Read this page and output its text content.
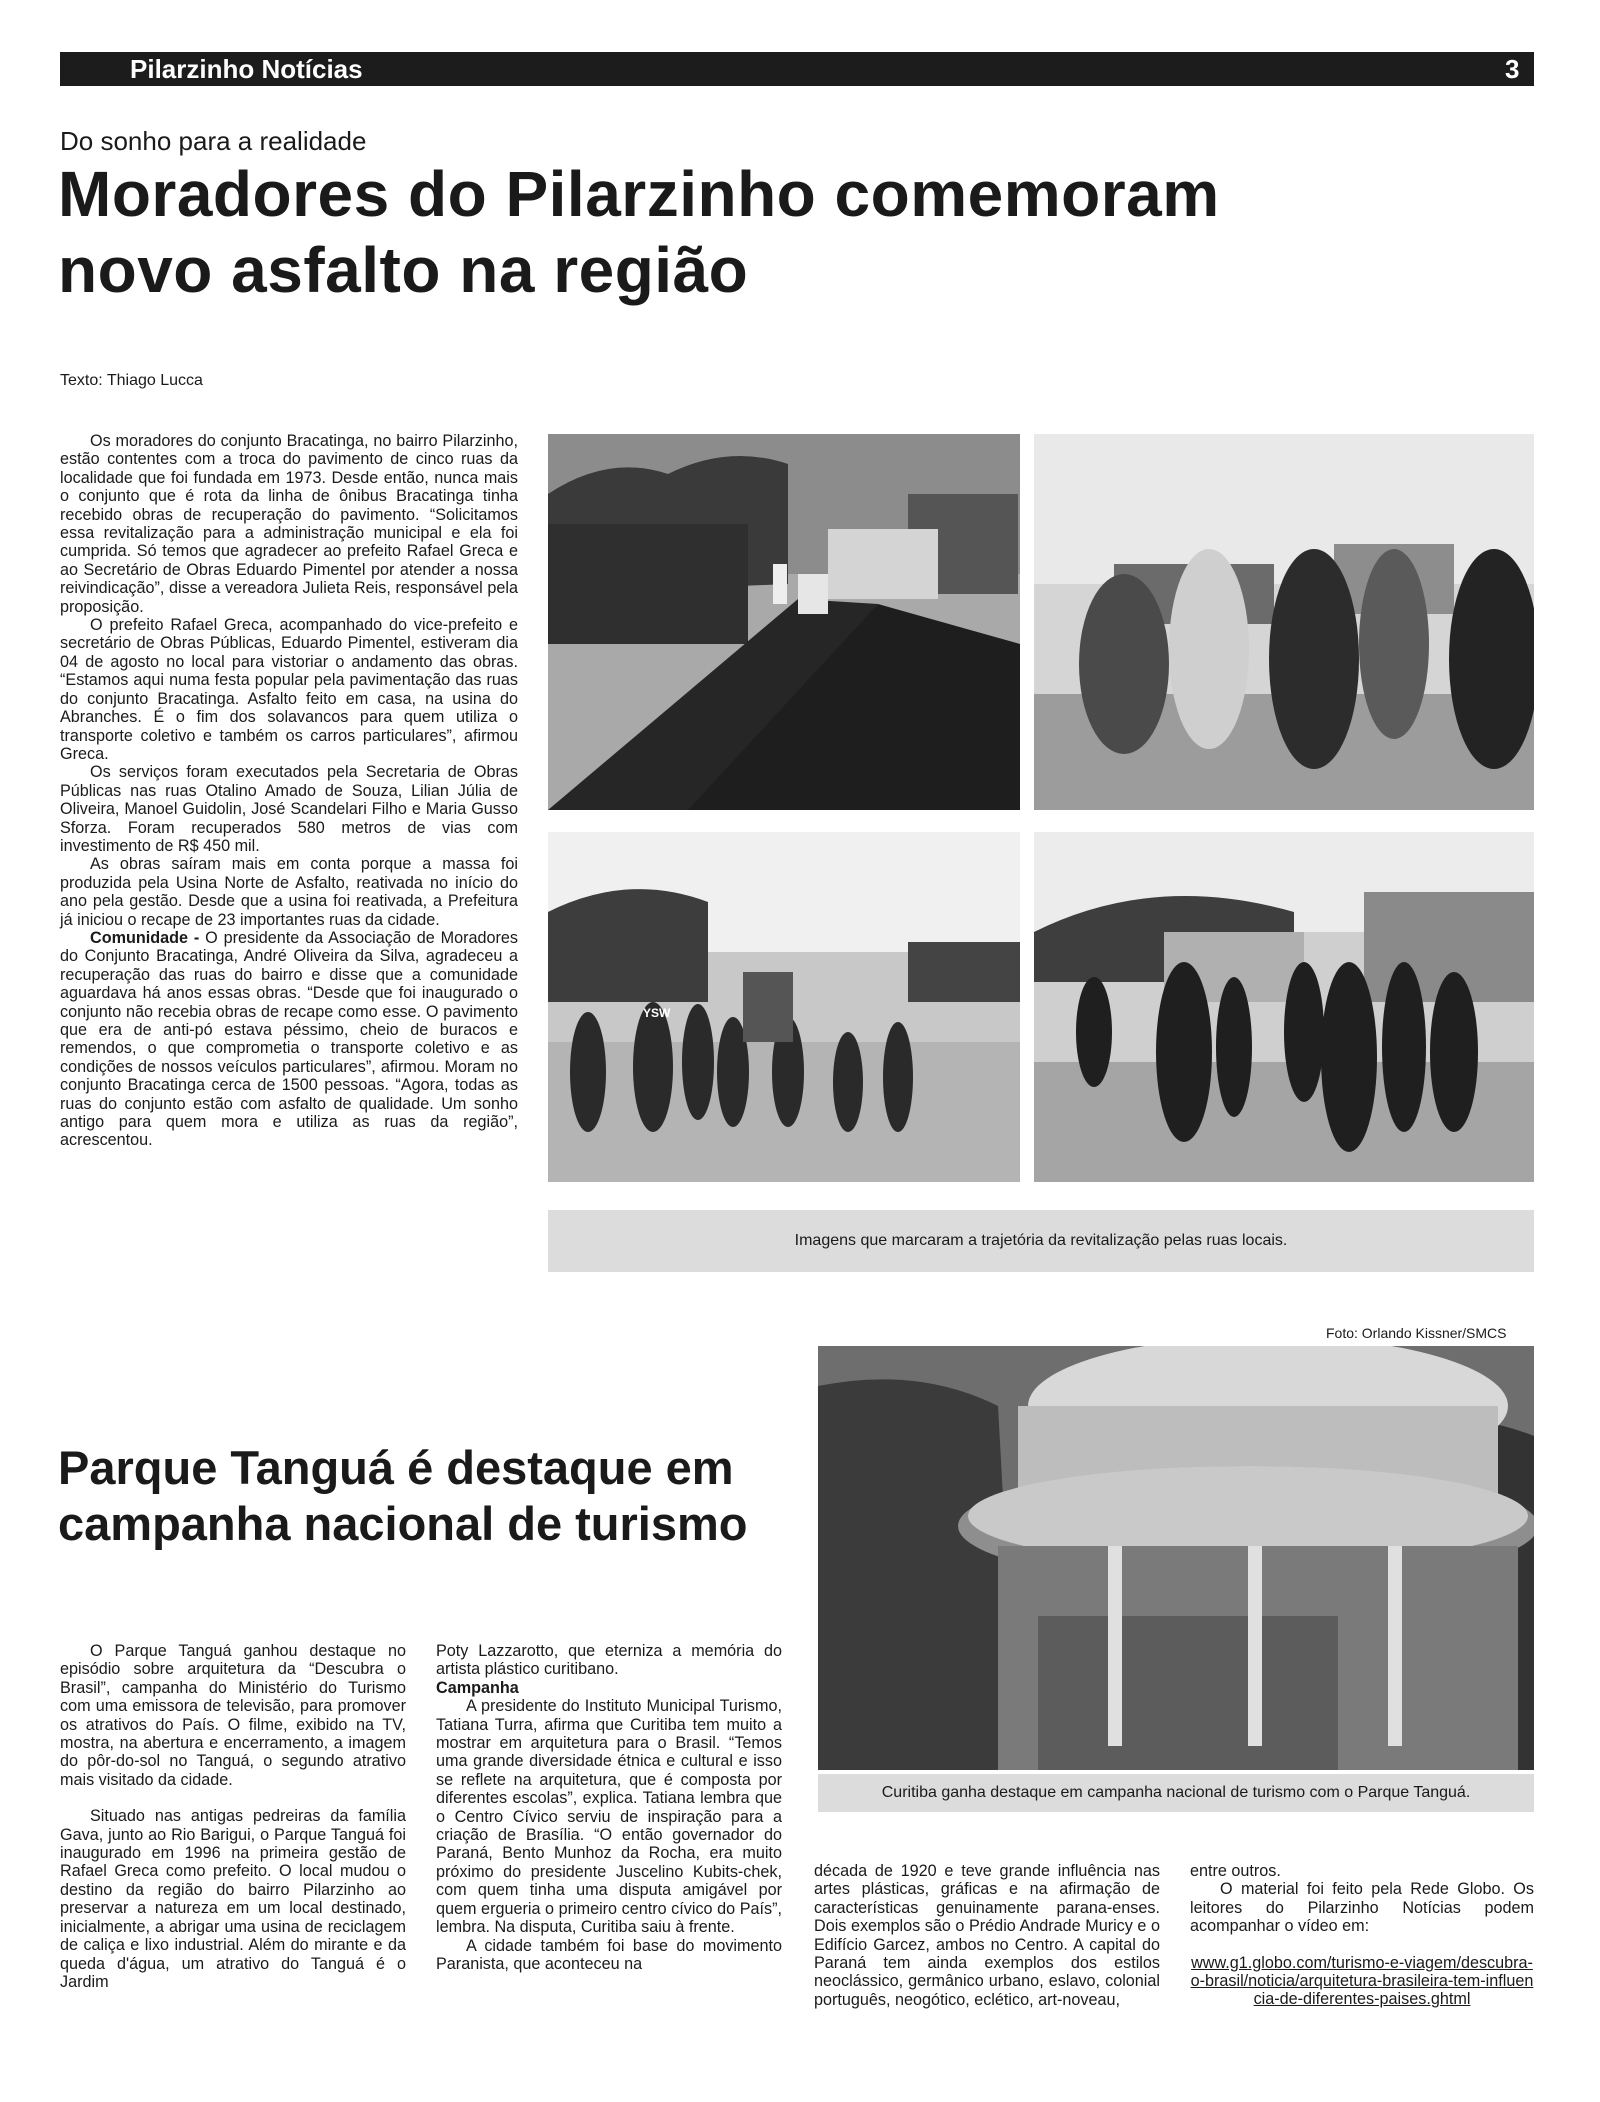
Pilarzinho Notícias	3
Do sonho para a realidade
Moradores do Pilarzinho comemoram
novo asfalto na região
Texto: Thiago Lucca

Os moradores do conjunto Bracatinga, no bairro Pilarzinho, estão contentes com a troca do pavimento de cinco ruas da localidade que foi fundada em 1973. Desde então, nunca mais o conjunto que é rota da linha de ônibus Bracatinga tinha recebido obras de recuperação do pavimento. “Solicitamos essa revitalização para a administração municipal e ela foi cumprida. Só temos que agradecer ao prefeito Rafael Greca e ao Secretário de Obras Eduardo Pimentel por atender a nossa reivindicação”, disse a vereadora Julieta Reis, responsável pela proposição.

O prefeito Rafael Greca, acompanhado do vice-prefeito e secretário de Obras Públicas, Eduardo Pimentel, estiveram dia 04 de agosto no local para vistoriar o andamento das obras. “Estamos aqui numa festa popular pela pavimentação das ruas do conjunto Bracatinga. Asfalto feito em casa, na usina do Abranches. É o fim dos solavancos para quem utiliza o transporte coletivo e também os carros particulares”, afirmou Greca.

Os serviços foram executados pela Secretaria de Obras Públicas nas ruas Otalino Amado de Souza, Lilian Júlia de Oliveira, Manoel Guidolin, José Scandelari Filho e Maria Gusso Sforza. Foram recuperados 580 metros de vias com investimento de R$ 450 mil.

As obras saíram mais em conta porque a massa foi produzida pela Usina Norte de Asfalto, reativada no início do ano pela gestão. Desde que a usina foi reativada, a Prefeitura já iniciou o recape de 23 importantes ruas da cidade.

Comunidade - O presidente da Associação de Moradores do Conjunto Bracatinga, André Oliveira da Silva, agradeceu a recuperação das ruas do bairro e disse que a comunidade aguardava há anos essas obras. “Desde que foi inaugurado o conjunto não recebia obras de recape como esse. O pavimento que era de anti-pó estava péssimo, cheio de buracos e remendos, o que comprometia o transporte coletivo e as condições de nossos veículos particulares”, afirmou. Moram no conjunto Bracatinga cerca de 1500 pessoas. “Agora, todas as ruas do conjunto estão com asfalto de qualidade. Um sonho antigo para quem mora e utiliza as ruas da região”, acrescentou.

YSW
Imagens que marcaram a trajetória da revitalização pelas ruas locais.
Foto: Orlando Kissner/SMCS
Parque Tanguá é destaque em
campanha nacional de turismo
Curitiba ganha destaque em campanha nacional de turismo com o Parque Tanguá.

O Parque Tanguá ganhou destaque no episódio sobre arquitetura da “Descubra o Brasil”, campanha do Ministério do Turismo com uma emissora de televisão, para promover os atrativos do País. O filme, exibido na TV, mostra, na abertura e encerramento, a imagem do pôr-do-sol no Tanguá, o segundo atrativo mais visitado da cidade.

Situado nas antigas pedreiras da família Gava, junto ao Rio Barigui, o Parque Tanguá foi inaugurado em 1996 na primeira gestão de Rafael Greca como prefeito. O local mudou o destino da região do bairro Pilarzinho ao preservar a natureza em um local destinado, inicialmente, a abrigar uma usina de reciclagem de caliça e lixo industrial. Além do mirante e da queda d'água, um atrativo do Tanguá é o Jardim

Poty Lazzarotto, que eterniza a memória do artista plástico curitibano.

Campanha

A presidente do Instituto Municipal Turismo, Tatiana Turra, afirma que Curitiba tem muito a mostrar em arquitetura para o Brasil. “Temos uma grande diversidade étnica e cultural e isso se reflete na arquitetura, que é composta por diferentes escolas”, explica. Tatiana lembra que o Centro Cívico serviu de inspiração para a criação de Brasília. “O então governador do Paraná, Bento Munhoz da Rocha, era muito próximo do presidente Juscelino Kubits-chek, com quem tinha uma disputa amigável por quem ergueria o primeiro centro cívico do País”, lembra. Na disputa, Curitiba saiu à frente.

A cidade também foi base do movimento Paranista, que aconteceu na

década de 1920 e teve grande influência nas artes plásticas, gráficas e na afirmação de características genuinamente parana-enses. Dois exemplos são o Prédio Andrade Muricy e o Edifício Garcez, ambos no Centro. A capital do Paraná tem ainda exemplos dos estilos neoclássico, germânico urbano, eslavo, colonial português, neogótico, eclético, art-noveau,

entre outros.

O material foi feito pela Rede Globo. Os leitores do Pilarzinho Notícias podem acompanhar o vídeo em:

www.g1.globo.com/turismo-e-viagem/descubra-o-brasil/noticia/arquitetura-brasileira-tem-influencia-de-diferentes-paises.ghtml
